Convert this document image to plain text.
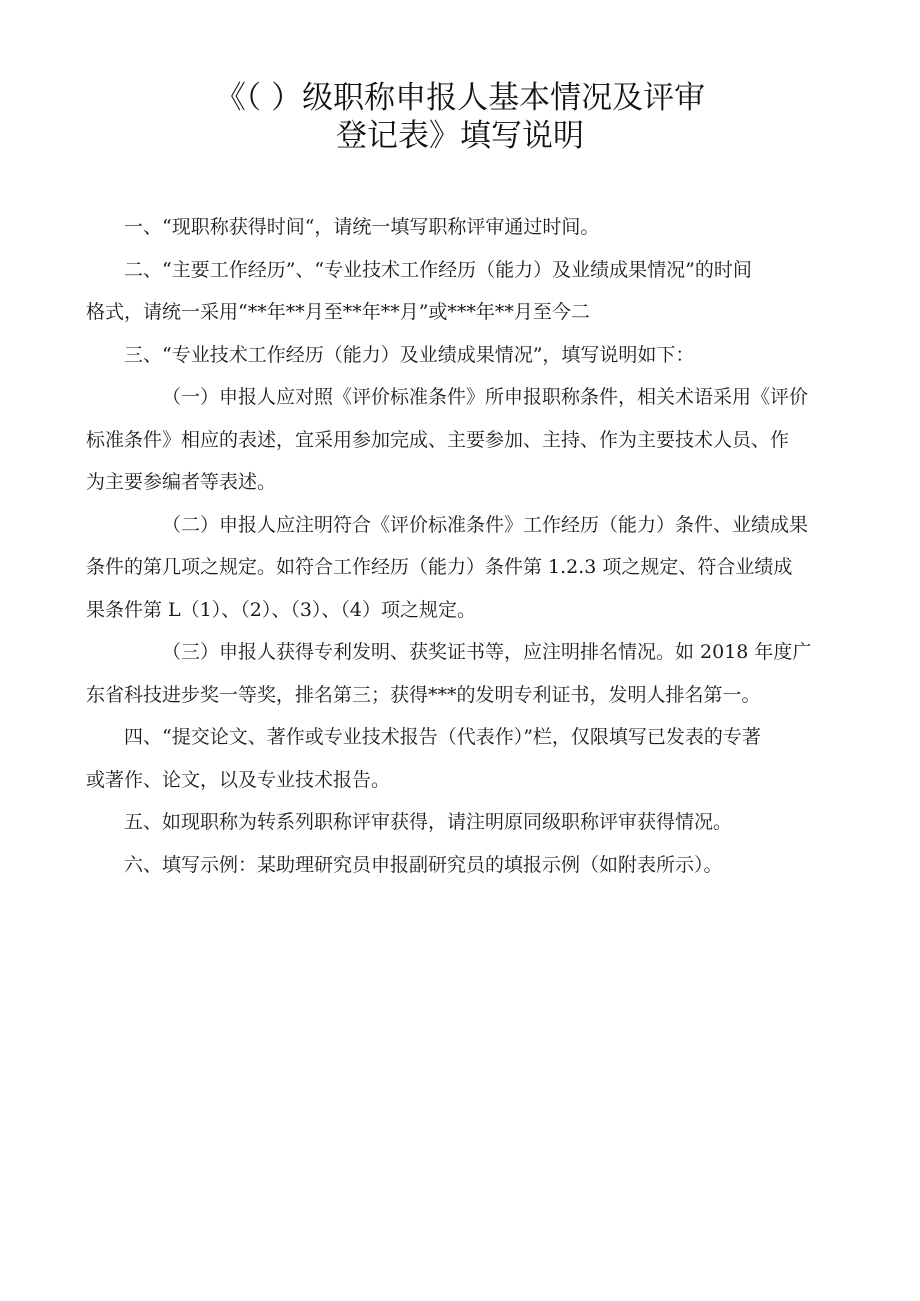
《（ ）级职称申报人基本情况及评审
登记表》填写说明
一、“现职称获得时间“，请统一填写职称评审通过时间。
二、“主要工作经历”、“专业技术工作经历（能力）及业绩成果情况”的时间
格式，请统一采用“**年**月至**年**月”或***年**月至今二
三、“专业技术工作经历（能力）及业绩成果情况”，填写说明如下：
（一）申报人应对照《评价标准条件》所申报职称条件，相关术语采用《评价
标准条件》相应的表述，宜采用参加完成、主要参加、主持、作为主要技术人员、作
为主要参编者等表述。
（二）申报人应注明符合《评价标准条件》工作经历（能力）条件、业绩成果
条件的第几项之规定。如符合工作经历（能力）条件第 1.2.3 项之规定、符合业绩成
果条件第 L（1）、（2）、（3）、（4）项之规定。
（三）申报人获得专利发明、获奖证书等，应注明排名情况。如 2018 年度广
东省科技进步奖一等奖，排名第三；获得***的发明专利证书，发明人排名第一。
四、“提交论文、著作或专业技术报告（代表作）”栏，仅限填写已发表的专著
或著作、论文，以及专业技术报告。
五、如现职称为转系列职称评审获得，请注明原同级职称评审获得情况。
六、填写示例：某助理研究员申报副研究员的填报示例（如附表所示）。
